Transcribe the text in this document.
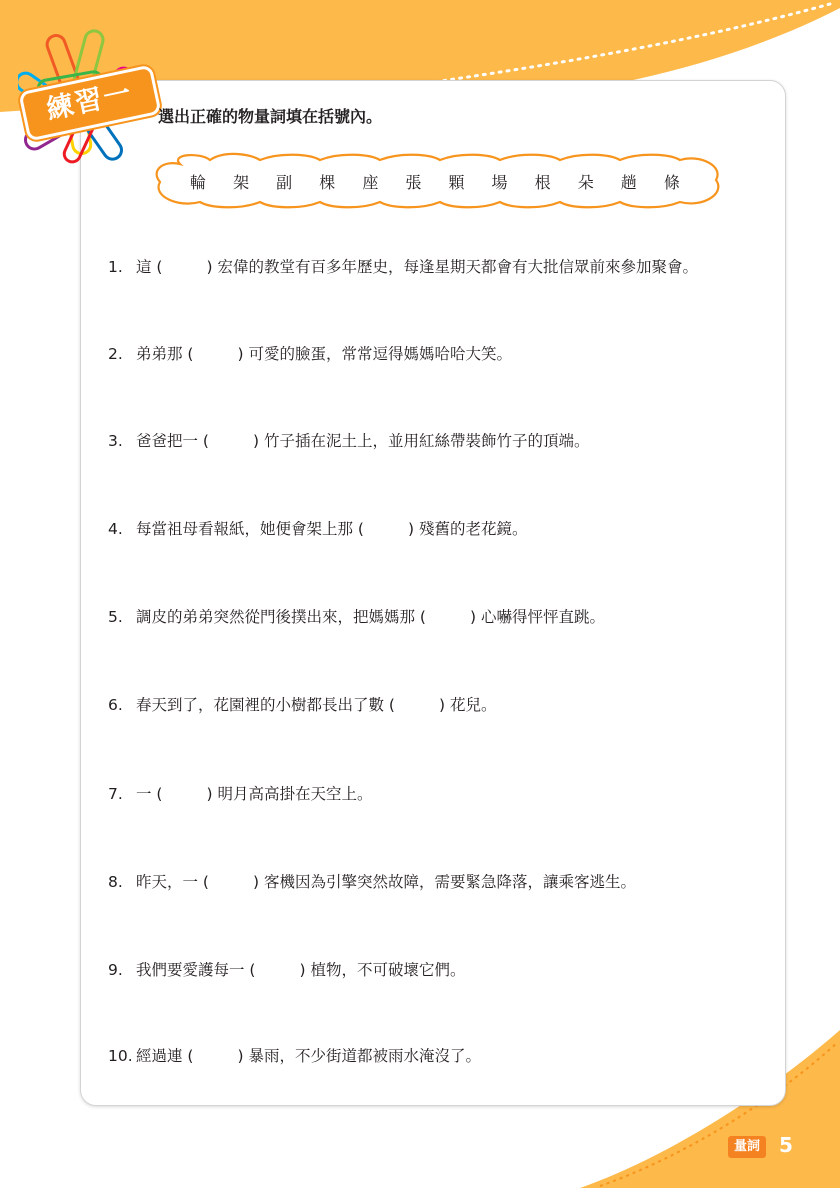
練習一	選出正確的物量詞填在括號內。
輪 架 副 棵 座 張 顆 場 根 朵 趟 條
1. 這 (	) 宏偉的教堂有百多年歷史，每逢星期天都會有大批信眾前來參加聚會。
2. 弟弟那 (	) 可愛的臉蛋，常常逗得媽媽哈哈大笑。
3. 爸爸把一 (	) 竹子插在泥土上，並用紅絲帶裝飾竹子的頂端。
4. 每當祖母看報紙，她便會架上那 (	) 殘舊的老花鏡。
5. 調皮的弟弟突然從門後撲出來，把媽媽那 (	) 心嚇得怦怦直跳。
6. 春天到了，花園裡的小樹都長出了數 (	) 花兒。
7. 一 (	) 明月高高掛在天空上。
8. 昨天，一 (	) 客機因為引擎突然故障，需要緊急降落，讓乘客逃生。
9. 我們要愛護每一 (	) 植物，不可破壞它們。
10. 經過連 (	) 暴雨，不少街道都被雨水淹沒了。
量詞 5
